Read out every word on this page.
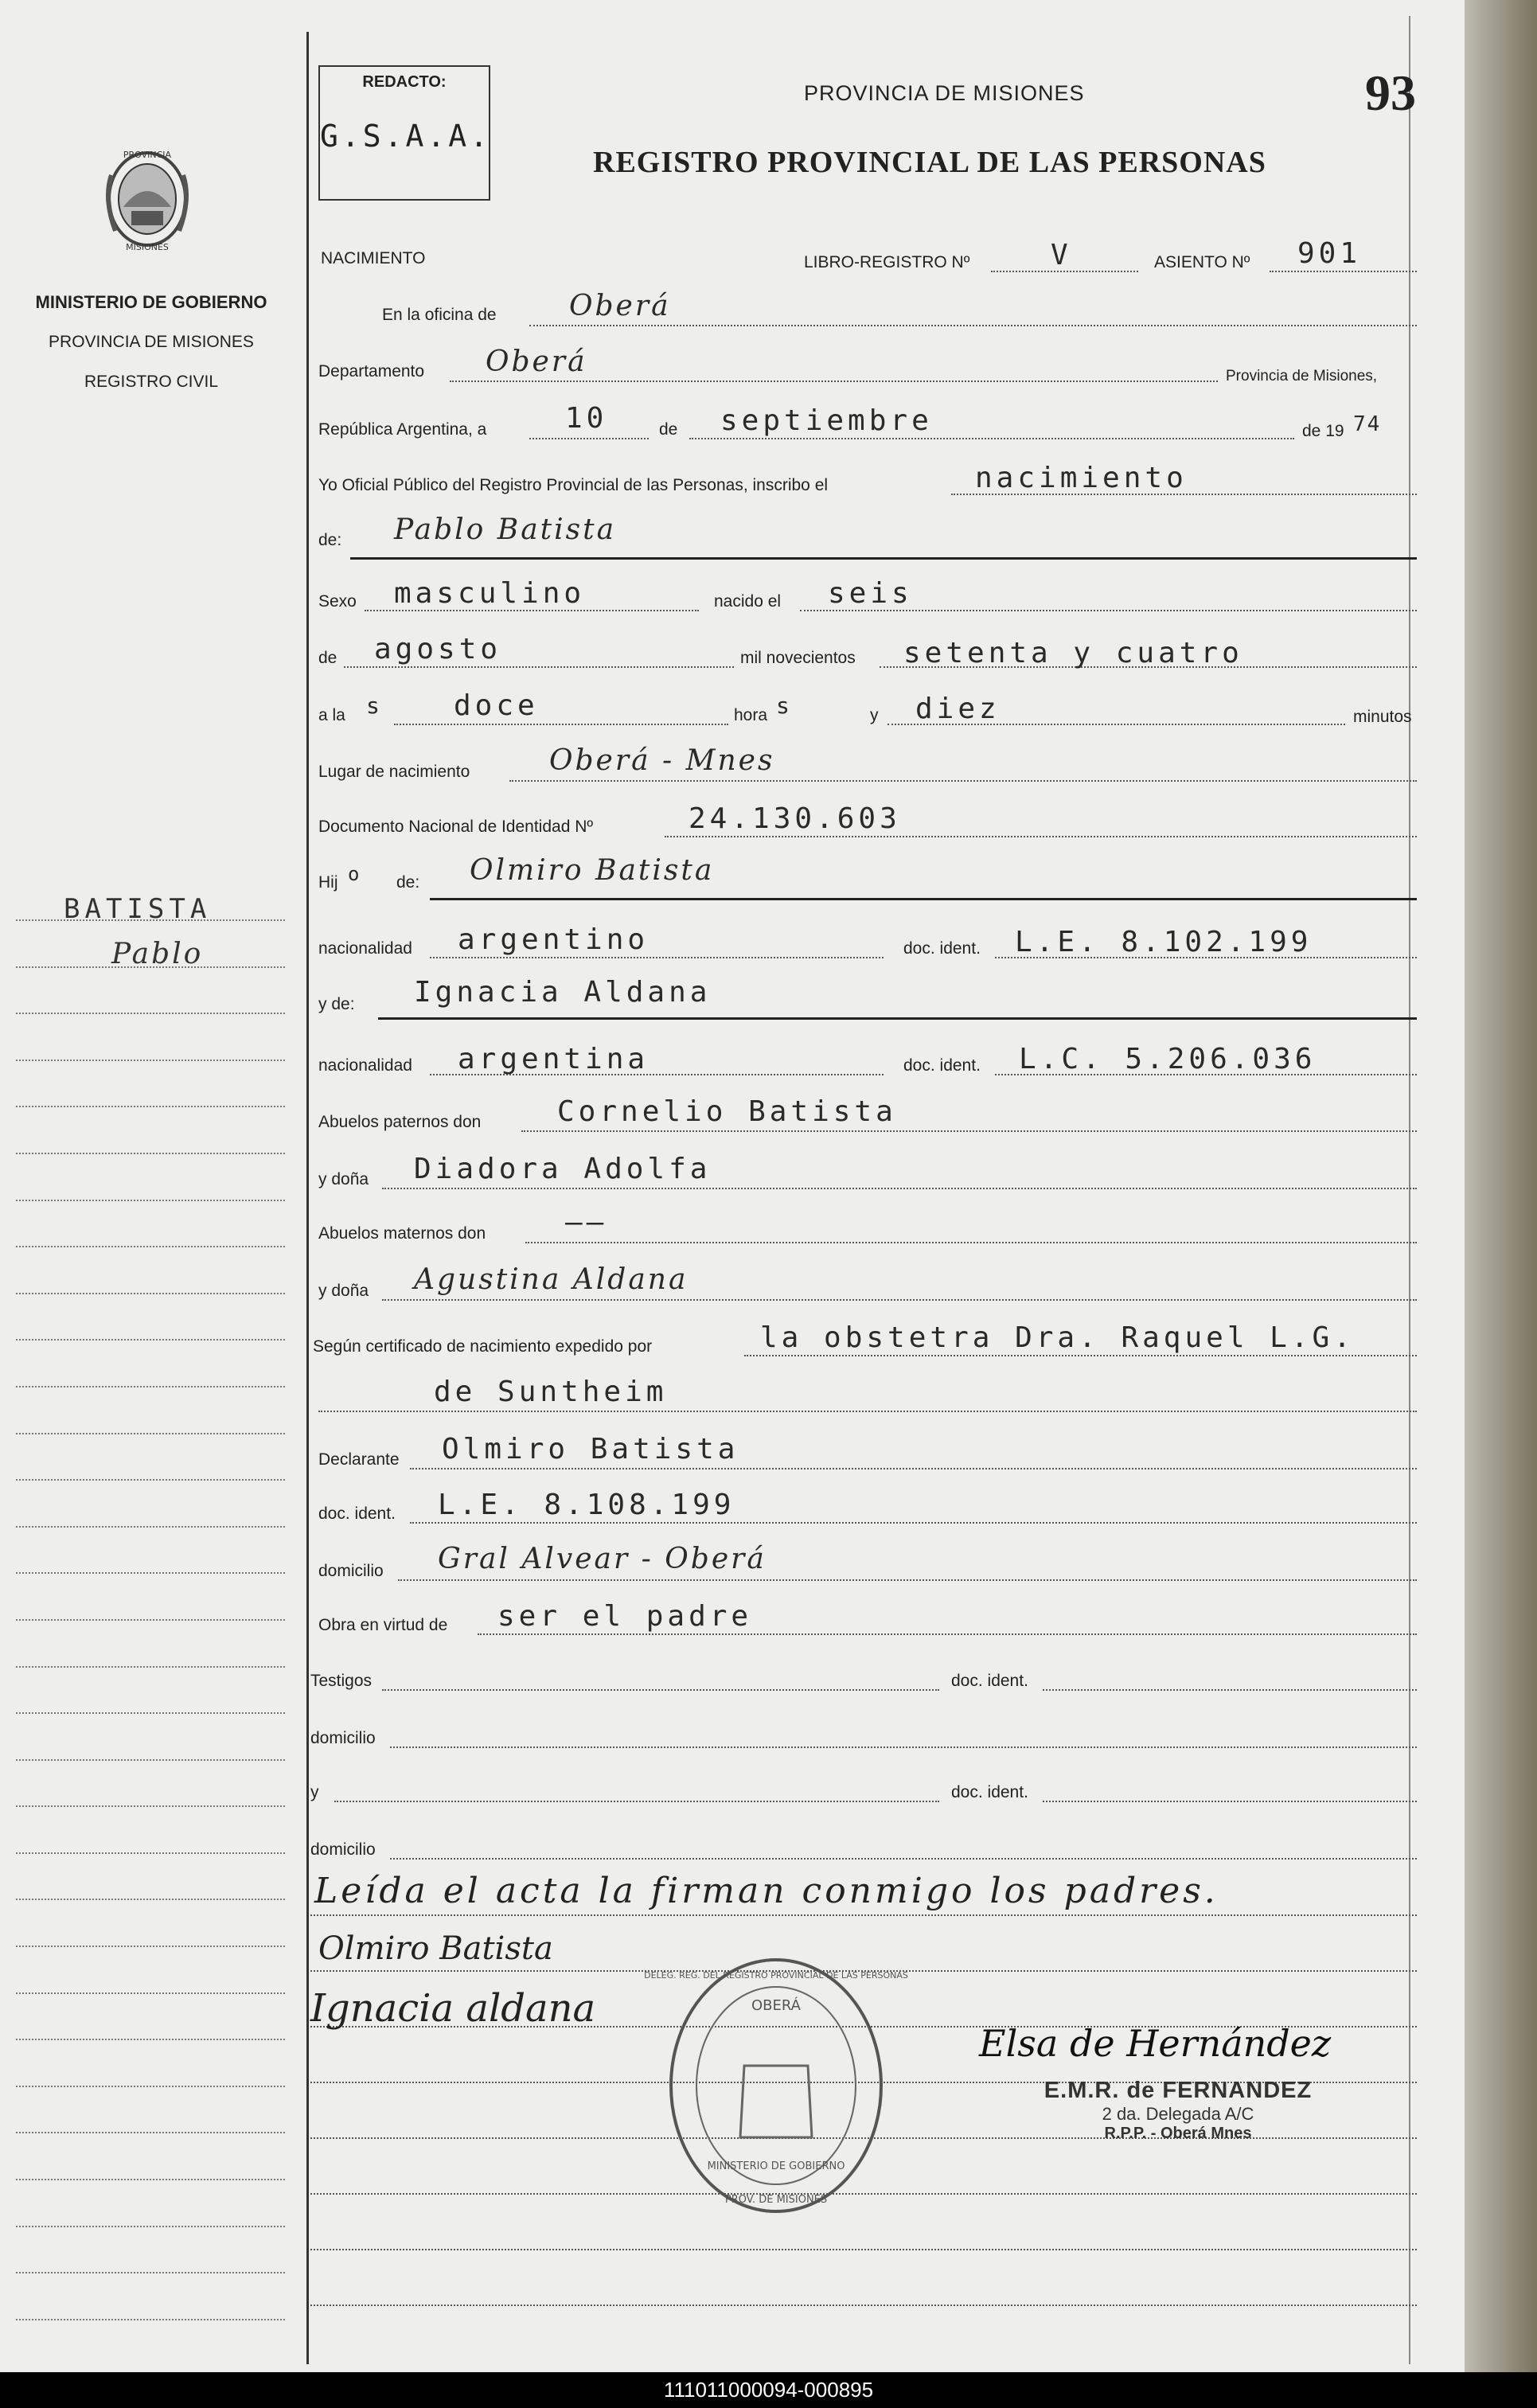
93
PROVINCIA
MISIONES
MINISTERIO DE GOBIERNO
PROVINCIA DE MISIONES
REGISTRO CIVIL
BATISTA
Pablo
REDACTO:
G.S.A.A.
PROVINCIA DE MISIONES
REGISTRO PROVINCIAL DE LAS PERSONAS
NACIMIENTO	LIBRO-REGISTRO Nº	V	ASIENTO Nº 901
En la oficina de	Oberá
Departamento Oberá	Provincia de Misiones,
República Argentina, a	10	de septiembre	de 19 74
Yo Oficial Público del Registro Provincial de las Personas, inscribo el	nacimiento
de: Pablo Batista
Sexo masculino	nacido el seis
de agosto	mil novecientos setenta y cuatro
a la s doce	hora s	y diez	minutos
Lugar de nacimiento	Oberá - Mnes
Documento Nacional de Identidad Nº	24.130.603
Hij o de: Olmiro Batista
nacionalidad argentino	doc. ident. L.E. 8.102.199
y de: Ignacia Aldana
nacionalidad argentina	doc. ident. L.C. 5.206.036
Abuelos paternos don	Cornelio Batista
y doña Diadora Adolfa
Abuelos maternos don	——
y doña Agustina Aldana
Según certificado de nacimiento expedido por	la obstetra Dra. Raquel L.G.
de Suntheim
Declarante Olmiro Batista
doc. ident. L.E. 8.108.199
domicilio Gral Alvear - Oberá
Obra en virtud de ser el padre
Testigos	doc. ident.
domicilio
y	doc. ident.
domicilio
Leída el acta la firman conmigo los padres.
Olmiro Batista
Ignacia aldana	OBERÁ
DELEG. REG. DEL REGISTRO PROVINCIAL DE LAS PERSONAS
MINISTERIO DE GOBIERNO
PROV. DE MISIONES
Elsa de Hernández
E.M.R. de FERNANDEZ
2 da. Delegada A/C
R.P.P. - Oberá Mnes
111011000094-000895
